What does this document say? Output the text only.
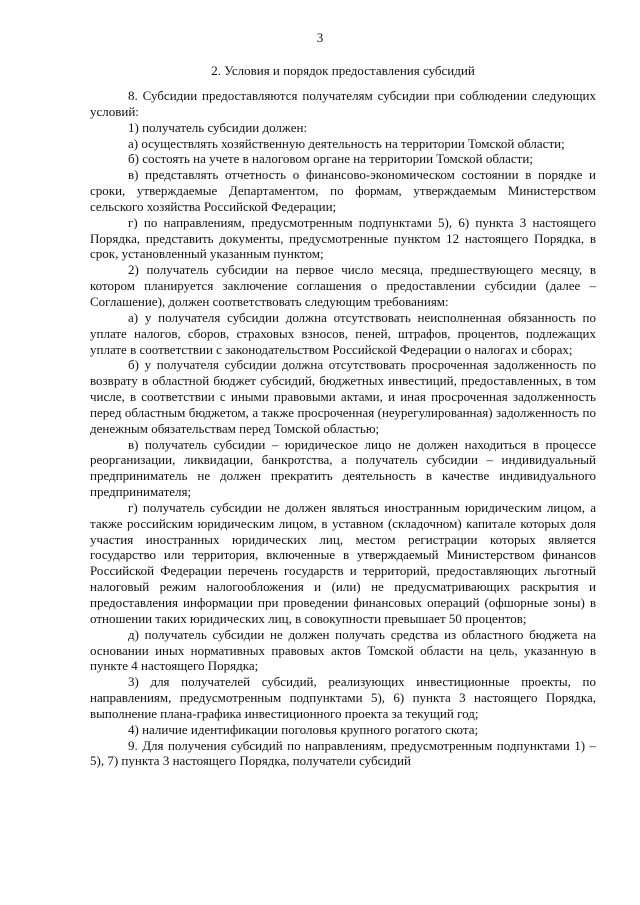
3
2. Условия и порядок предоставления субсидий

8. Субсидии предоставляются получателям субсидии при соблюдении следующих условий:

1) получатель субсидии должен:

а) осуществлять хозяйственную деятельность на территории Томской области;

б) состоять на учете в налоговом органе на территории Томской области;

в) представлять отчетность о финансово-экономическом состоянии в порядке и сроки, утверждаемые Департаментом, по формам, утверждаемым Министерством сельского хозяйства Российской Федерации;

г) по направлениям, предусмотренным подпунктами 5), 6) пункта 3 настоящего Порядка, представить документы, предусмотренные пунктом 12 настоящего Порядка, в срок, установленный указанным пунктом;

2) получатель субсидии на первое число месяца, предшествующего месяцу, в котором планируется заключение соглашения о предоставлении субсидии (далее – Соглашение), должен соответствовать следующим требованиям:

а) у получателя субсидии должна отсутствовать неисполненная обязанность по уплате налогов, сборов, страховых взносов, пеней, штрафов, процентов, подлежащих уплате в соответствии с законодательством Российской Федерации о налогах и сборах;

б) у получателя субсидии должна отсутствовать просроченная задолженность по возврату в областной бюджет субсидий, бюджетных инвестиций, предоставленных, в том числе, в соответствии с иными правовыми актами, и иная просроченная задолженность перед областным бюджетом, а также просроченная (неурегулированная) задолженность по денежным обязательствам перед Томской областью;

в) получатель субсидии – юридическое лицо не должен находиться в процессе реорганизации, ликвидации, банкротства, а получатель субсидии – индивидуальный предприниматель не должен прекратить деятельность в качестве индивидуального предпринимателя;

г) получатель субсидии не должен являться иностранным юридическим лицом, а также российским юридическим лицом, в уставном (складочном) капитале которых доля участия иностранных юридических лиц, местом регистрации которых является государство или территория, включенные в утверждаемый Министерством финансов Российской Федерации перечень государств и территорий, предоставляющих льготный налоговый режим налогообложения и (или) не предусматривающих раскрытия и предоставления информации при проведении финансовых операций (офшорные зоны) в отношении таких юридических лиц, в совокупности превышает 50 процентов;

д) получатель субсидии не должен получать средства из областного бюджета на основании иных нормативных правовых актов Томской области на цель, указанную в пункте 4 настоящего Порядка;

3) для получателей субсидий, реализующих инвестиционные проекты, по направлениям, предусмотренным подпунктами 5), 6) пункта 3 настоящего Порядка, выполнение плана-графика инвестиционного проекта за текущий год;

4) наличие идентификации поголовья крупного рогатого скота;

9. Для получения субсидий по направлениям, предусмотренным подпунктами 1) – 5), 7) пункта 3 настоящего Порядка, получатели субсидий
